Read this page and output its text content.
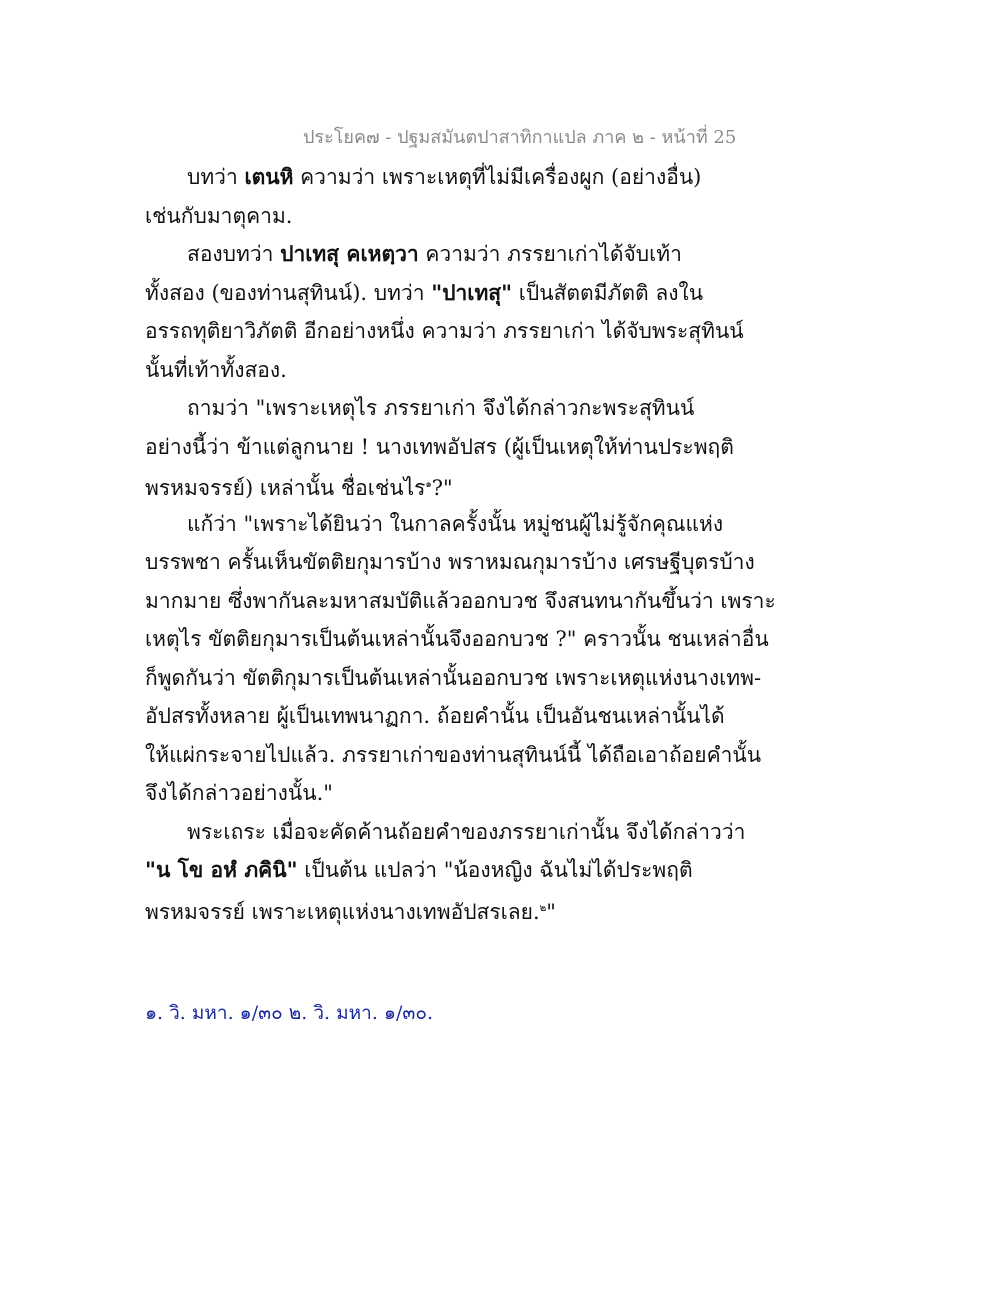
ประโยค๗ - ปฐมสมันตปาสาทิกาแปล ภาค ๒ - หน้าที่ 25
บทว่า เตนหิ ความว่า เพราะเหตุที่ไม่มีเครื่องผูก (อย่างอื่น)
เช่นกับมาตุคาม.
สองบทว่า ปาเทสุ คเหตฺวา ความว่า ภรรยาเก่าได้จับเท้า
ทั้งสอง (ของท่านสุทินน์). บทว่า "ปาเทสุ" เป็นสัตตมีภัตติ ลงใน
อรรถทุติยาวิภัตติ อีกอย่างหนึ่ง ความว่า ภรรยาเก่า ได้จับพระสุทินน์
นั้นที่เท้าทั้งสอง.
ถามว่า "เพราะเหตุไร ภรรยาเก่า จึงได้กล่าวกะพระสุทินน์
อย่างนี้ว่า ข้าแต่ลูกนาย ! นางเทพอัปสร (ผู้เป็นเหตุให้ท่านประพฤติ
พรหมจรรย์) เหล่านั้น ชื่อเช่นไร$^๑$?"
แก้ว่า "เพราะได้ยินว่า ในกาลครั้งนั้น หมู่ชนผู้ไม่รู้จักคุณแห่ง
บรรพชา ครั้นเห็นขัตติยกุมารบ้าง พราหมณกุมารบ้าง เศรษฐีบุตรบ้าง
มากมาย ซึ่งพากันละมหาสมบัติแล้วออกบวช จึงสนทนากันขึ้นว่า เพราะ
เหตุไร ขัตติยกุมารเป็นต้นเหล่านั้นจึงออกบวช ?" คราวนั้น ชนเหล่าอื่น
ก็พูดกันว่า ขัตติกุมารเป็นต้นเหล่านั้นออกบวช เพราะเหตุแห่งนางเทพ-
อัปสรทั้งหลาย ผู้เป็นเทพนาฏกา. ถ้อยคำนั้น เป็นอันชนเหล่านั้นได้
ให้แผ่กระจายไปแล้ว. ภรรยาเก่าของท่านสุทินน์นี้ ได้ถือเอาถ้อยคำนั้น
จึงได้กล่าวอย่างนั้น."
พระเถระ เมื่อจะคัดค้านถ้อยคำของภรรยาเก่านั้น จึงได้กล่าวว่า
"น โข อหํ ภคินิ" เป็นต้น แปลว่า "น้องหญิง ฉันไม่ได้ประพฤติ
พรหมจรรย์ เพราะเหตุแห่งนางเทพอัปสรเลย.$^๒$"
๑. วิ. มหา. ๑/๓๐ ๒. วิ. มหา. ๑/๓๐.
